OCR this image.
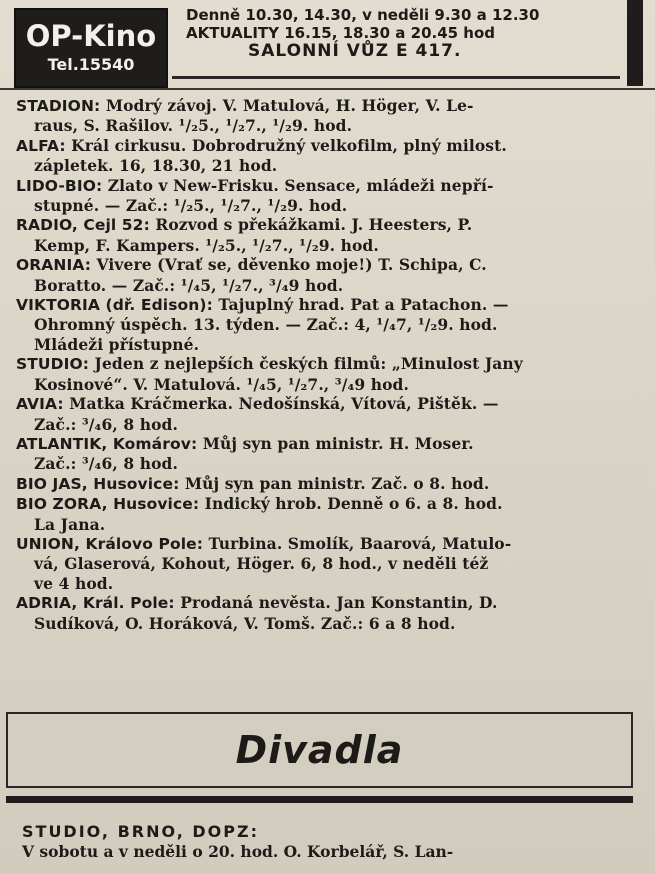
OP-Kino
Tel.15540
Denně 10.30, 14.30, v neděli 9.30 a 12.30
AKTUALITY 16.15, 18.30 a 20.45 hod
SALONNÍ VŮZ E 417.
STADION: Modrý závoj. V. Matulová, H. Höger, V. Le-
raus, S. Rašilov. ¹/₂5., ¹/₂7., ¹/₂9. hod.
ALFA: Král cirkusu. Dobrodružný velkofilm, plný milost.
zápletek. 16, 18.30, 21 hod.
LIDO-BIO: Zlato v New-Frisku. Sensace, mládeži nepří-
stupné. — Zač.: ¹/₂5., ¹/₂7., ¹/₂9. hod.
RADIO, Cejl 52: Rozvod s překážkami. J. Heesters, P.
Kemp, F. Kampers. ¹/₂5., ¹/₂7., ¹/₂9. hod.
ORANIA: Vivere (Vrať se, děvenko moje!) T. Schipa, C.
Boratto. — Zač.: ¹/₄5, ¹/₂7., ³/₄9 hod.
VIKTORIA (dř. Edison): Tajuplný hrad. Pat a Patachon. —
Ohromný úspěch. 13. týden. — Zač.: 4, ¹/₄7, ¹/₂9. hod.
Mládeži přístupné.
STUDIO: Jeden z nejlepších českých filmů: „Minulost Jany
Kosinové“. V. Matulová. ¹/₄5, ¹/₂7., ³/₄9 hod.
AVIA: Matka Kráčmerka. Nedošínská, Vítová, Pištěk. —
Zač.: ³/₄6, 8 hod.
ATLANTIK, Komárov: Můj syn pan ministr. H. Moser.
Zač.: ³/₄6, 8 hod.
BIO JAS, Husovice: Můj syn pan ministr. Zač. o 8. hod.
BIO ZORA, Husovice: Indický hrob. Denně o 6. a 8. hod.
La Jana.
UNION, Královo Pole: Turbina. Smolík, Baarová, Matulo-
vá, Glaserová, Kohout, Höger. 6, 8 hod., v neděli též
ve 4 hod.
ADRIA, Král. Pole: Prodaná nevěsta. Jan Konstantin, D.
Sudíková, O. Horáková, V. Tomš. Zač.: 6 a 8 hod.
Divadla
STUDIO, BRNO, DOPZ:
V sobotu a v neděli o 20. hod. O. Korbelář, S. Lan-
